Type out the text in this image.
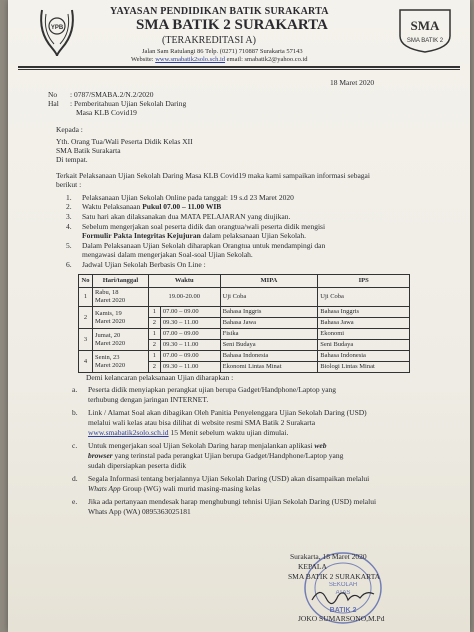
YPB
YAYASAN PENDIDIKAN BATIK SURAKARTA
SMA BATIK 2 SURAKARTA
(TERAKREDITASI A)
Jalan Sam Ratulangi 86 Telp. (0271) 710887 Surakarta 57143
Website: www.smabatik2solo.sch.id email: smabatik2@yahoo.co.id
SMA
SMA BATIK 2
18 Maret 2020
No : 0787/SMABA.2/N.2/2020
Hal : Pemberitahuan Ujian Sekolah Daring
Masa KLB Covid19
Kepada :
Yth. Orang Tua/Wali Peserta Didik Kelas XII
SMA Batik Surakarta
Di tempat.
Terkait Pelaksanaan Ujian Sekolah Daring Masa KLB Covid19 maka kami sampaikan informasi sebagai
berikut :
1. Pelaksanaan Ujian Sekolah Online pada tanggal: 19 s.d 23 Maret 2020
2. Waktu Pelaksanaan Pukul 07.00 – 11.00 WIB
3. Satu hari akan dilaksanakan dua MATA PELAJARAN yang diujikan.
4. Sebelum mengerjakan soal peserta didik dan orangtua/wali peserta didik mengisi
Formulir Pakta Integritas Kejujuran dalam pelaksanaan Ujian Sekolah.
5. Dalam Pelaksanaan Ujian Sekolah diharapkan Orangtua untuk mendampingi dan
mengawasi dalam mengerjakan Soal-soal Ujian Sekolah.
6. Jadwal Ujian Sekolah Berbasis On Line :
No	Hari/tanggal	Waktu		MIPA	IPS
1	Rabu, 18
Maret 2020	19.00-20.00		Uji Coba	Uji Coba
2	Kamis, 19
Maret 2020	1	07.00 – 09.00	Bahasa Inggris	Bahasa Inggris
		2	09.30 – 11.00	Bahasa Jawa	Bahasa Jawa
3	Jumat, 20
Maret 2020	1	07.00 – 09.00	Fisika	Ekonomi
		2	09.30 – 11.00	Seni Budaya	Seni Budaya
4	Senin, 23
Maret 2020	1	07.00 – 09.00	Bahasa Indonesia	Bahasa Indonesia
		2	09.30 – 11.00	Ekonomi Lintas Minat	Biologi Lintas Minat
Demi kelancaran pelaksanaan Ujian diharapkan :
a. Peserta didik menyiapkan perangkat ujian berupa Gadget/Handphone/Laptop yang
terhubung dengan jaringan INTERNET.
b. Link / Alamat Soal akan dibagikan Oleh Panitia Penyelenggara Ujian Sekolah Daring (USD)
melalui wali kelas atau bisa dilihat di website resmi SMA Batik 2 Surakarta
www.smabatik2solo.sch.id 15 Menit sebelum waktu ujian dimulai.
c. Untuk mengerjakan soal Ujian Sekolah Daring harap menjalankan aplikasi web
browser yang terinstal pada perangkat Ujian berupa Gadget/Handphone/Laptop yang
sudah dipersiapkan peserta didik
d. Segala Informasi tentang berjalannya Ujian Sekolah Daring (USD) akan disampaikan melalui
Whats App Group (WG) wali murid masing-masing kelas
e. Jika ada pertanyaan mendesak harap menghubungi tehnisi Ujian Sekolah Daring (USD) melalui
Whats App (WA) 0895363025181
SEKOLAH
ATAS
BATIK 2
Surakarta, 18 Maret 2020
KEPALA
SMA BATIK 2 SURAKARTA
JOKO SUMARSONO,M.Pd
